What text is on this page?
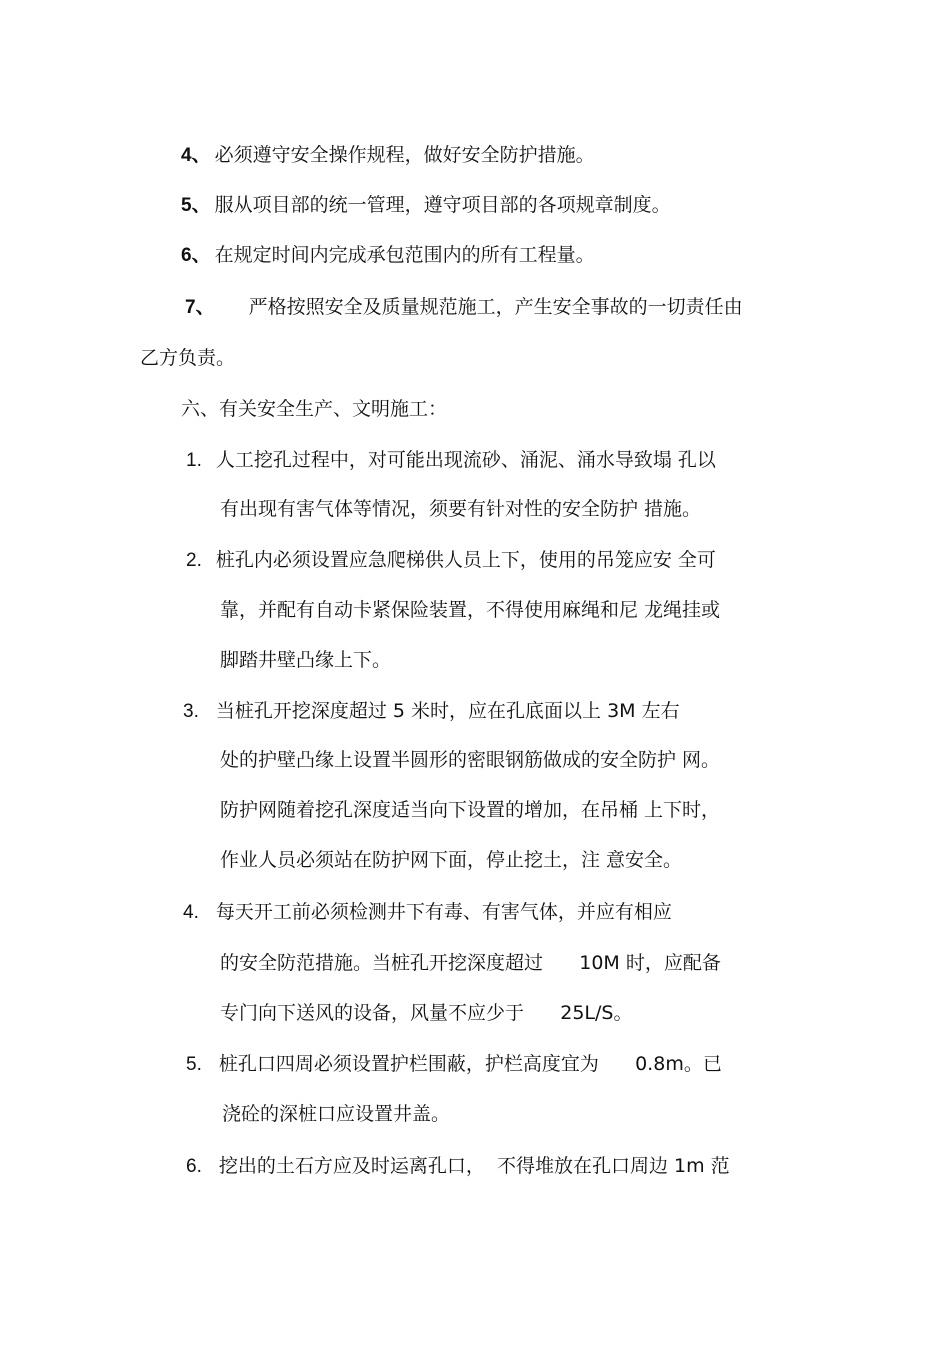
4、 必须遵守安全操作规程，做好安全防护措施。
5、 服从项目部的统一管理，遵守项目部的各项规章制度。
6、 在规定时间内完成承包范围内的所有工程量。
7、 严格按照安全及质量规范施工，产生安全事故的一切责任由
乙方负责。
六、有关安全生产、文明施工：
1. 人工挖孔过程中，对可能出现流砂、涌泥、涌水导致塌 孔以
有出现有害气体等情况，须要有针对性的安全防护 措施。
2. 桩孔内必须设置应急爬梯供人员上下，使用的吊笼应安 全可
靠，并配有自动卡紧保险装置，不得使用麻绳和尼 龙绳挂或
脚踏井壁凸缘上下。
3. 当桩孔开挖深度超过 5 米时，应在孔底面以上 3M 左右
处的护壁凸缘上设置半圆形的密眼钢筋做成的安全防护 网。
防护网随着挖孔深度适当向下设置的增加，在吊桶 上下时，
作业人员必须站在防护网下面，停止挖土，注 意安全。
4. 每天开工前必须检测井下有毒、有害气体，并应有相应
的安全防范措施。当桩孔开挖深度超过      10M 时，应配备
专门向下送风的设备，风量不应少于      25L/S。
5. 桩孔口四周必须设置护栏围蔽，护栏高度宜为      0.8m。已
浇砼的深桩口应设置井盖。
6. 挖出的土石方应及时运离孔口，  不得堆放在孔口周边 1m 范
